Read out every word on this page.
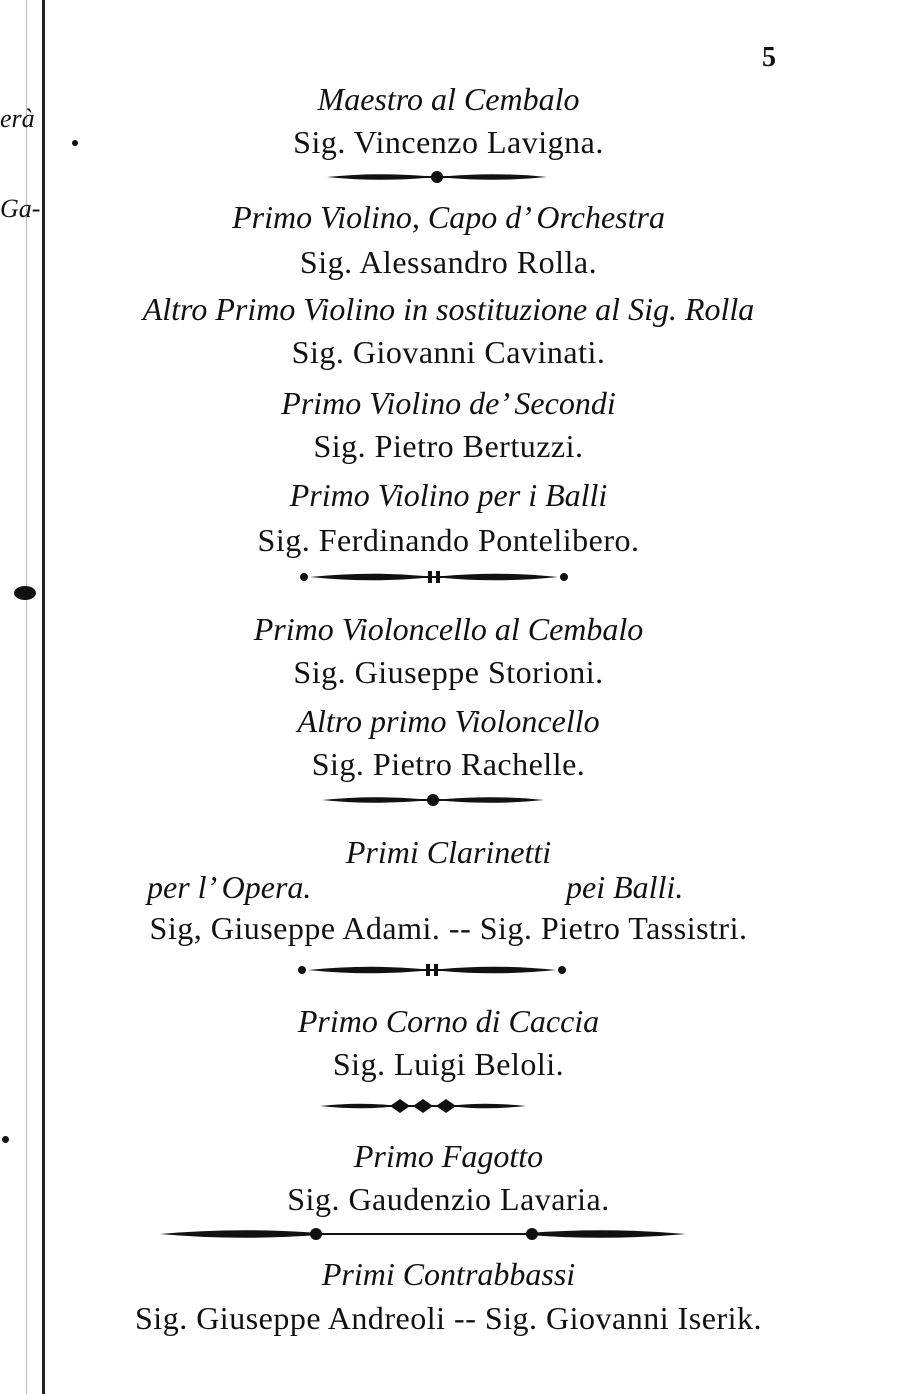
erà
Ga-
5
Maestro al Cembalo
Sig. Vincenzo Lavigna.
Primo Violino, Capo d’ Orchestra
Sig. Alessandro Rolla.
Altro Primo Violino in sostituzione al Sig. Rolla
Sig. Giovanni Cavinati.
Primo Violino de’ Secondi
Sig. Pietro Bertuzzi.
Primo Violino per i Balli
Sig. Ferdinando Pontelibero.
Primo Violoncello al Cembalo
Sig. Giuseppe Storioni.
Altro primo Violoncello
Sig. Pietro Rachelle.
Primi Clarinetti
per l’ Opera.	pei Balli.
Sig, Giuseppe Adami. -- Sig. Pietro Tassistri.
Primo Corno di Caccia
Sig. Luigi Beloli.
Primo Fagotto
Sig. Gaudenzio Lavaria.
Primi Contrabbassi
Sig. Giuseppe Andreoli -- Sig. Giovanni Iserik.
